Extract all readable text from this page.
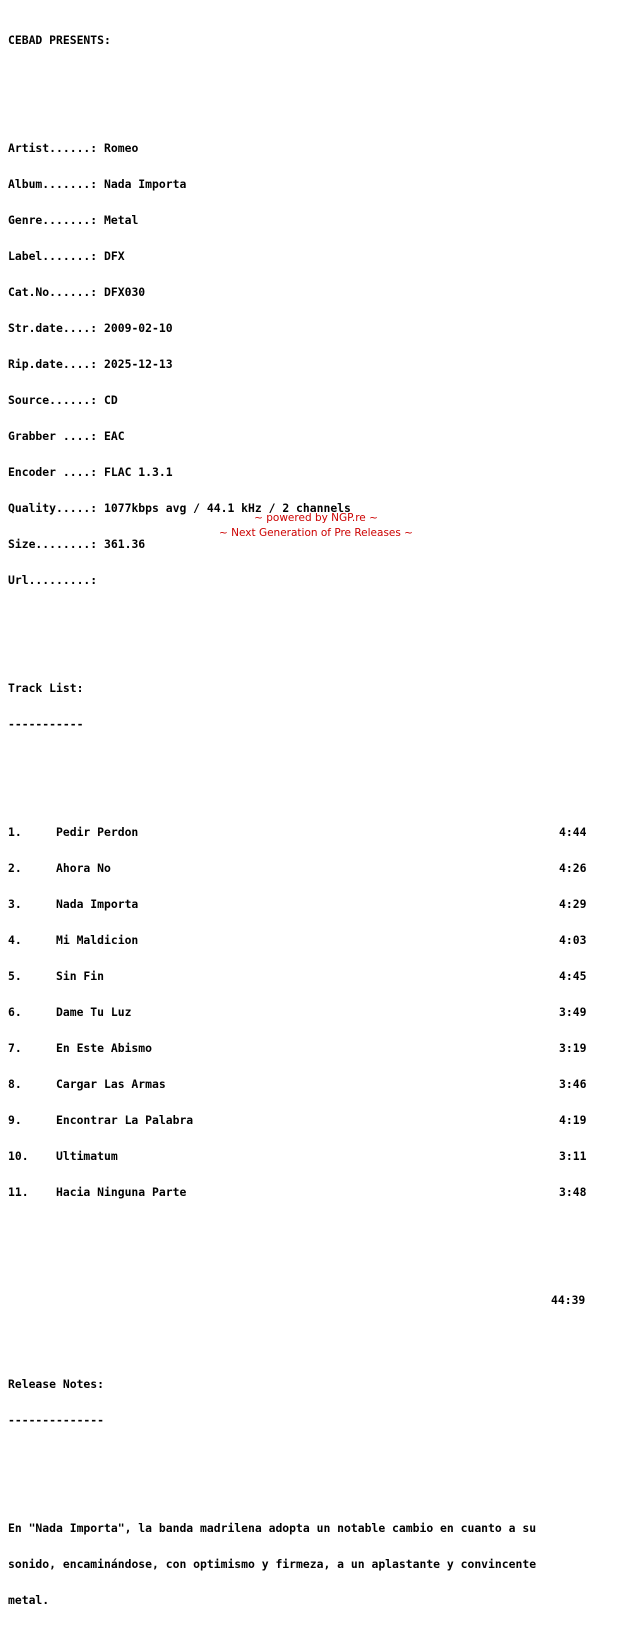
CEBAD PRESENTS:

Artist......: Romeo

Album.......: Nada Importa

Genre.......: Metal

Label.......: DFX

Cat.No......: DFX030

Str.date....: 2009-02-10

Rip.date....: 2025-12-13

Source......: CD

Grabber ....: EAC

Encoder ....: FLAC 1.3.1

Quality.....: 1077kbps avg / 44.1 kHz / 2 channels

Size........: 361.36

Url.........:

Track List:

-----------

1.	Pedir Perdon	4:44

2.	Ahora No	4:26

3.	Nada Importa	4:29

4.	Mi Maldicion	4:03

5.	Sin Fin	4:45

6.	Dame Tu Luz	3:49

7.	En Este Abismo	3:19

8.	Cargar Las Armas	3:46

9.	Encontrar La Palabra	4:19

10. Ultimatum	3:11

11. Hacia Ninguna Parte	3:48

44:39

Release Notes:

--------------

En "Nada Importa", la banda madrilena adopta un notable cambio en cuanto a su

sonido, encaminándose, con optimismo y firmeza, a un aplastante y convincente

metal.

~ powered by NGP.re ~
~ Next Generation of Pre Releases ~
